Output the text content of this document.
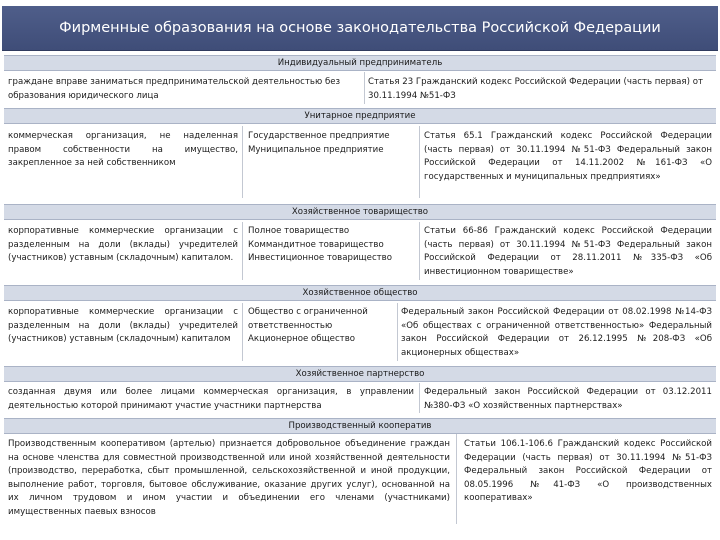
Фирменные образования на основе законодательства Российской Федерации
Индивидуальный предприниматель
граждане вправе заниматься предпринимательской деятельностью без образования юридического лица
Статья 23 Гражданский кодекс Российской Федерации (часть первая) от 30.11.1994 №51-ФЗ
Унитарное предприятие
коммерческая организация, не наделенная правом собственности на имущество, закрепленное за ней собственником
Государственное предприятие Муниципальное предприятие
Статья 65.1 Гражданский кодекс Российской Федерации (часть первая) от 30.11.1994 №51-ФЗ Федеральный закон Российской Федерации от 14.11.2002 №161-ФЗ «О государственных и муниципальных предприятиях»
Хозяйственное товарищество
корпоративные коммерческие организации с разделенным на доли (вклады) учредителей (участников) уставным (складочным) капиталом.
Полное товарищество Коммандитное товарищество Инвестиционное товарищество
Статьи 66-86 Гражданский кодекс Российской Федерации (часть первая) от 30.11.1994 №51-ФЗ Федеральный закон Российской Федерации от 28.11.2011 №335-ФЗ «Об инвестиционном товариществе»
Хозяйственное общество
корпоративные коммерческие организации с разделенным на доли (вклады) учредителей (участников) уставным (складочным) капиталом
Общество с ограниченной ответственностью Акционерное общество
Федеральный закон Российской Федерации от 08.02.1998 №14-ФЗ «Об обществах с ограниченной ответственностью» Федеральный закон Российской Федерации от 26.12.1995 №208-ФЗ «Об акционерных обществах»
Хозяйственное партнерство
созданная двумя или более лицами коммерческая организация, в управлении деятельностью которой принимают участие участники партнерства
Федеральный закон Российской Федерации от 03.12.2011 №380-ФЗ «О хозяйственных партнерствах»
Производственный кооператив
Производственным кооперативом (артелью) признается добровольное объединение граждан на основе членства для совместной производственной или иной хозяйственной деятельности (производство, переработка, сбыт промышленной, сельскохозяйственной и иной продукции, выполнение работ, торговля, бытовое обслуживание, оказание других услуг), основанной на их личном трудовом и ином участии и объединении его членами (участниками) имущественных паевых взносов
Статьи 106.1-106.6 Гражданский кодекс Российской Федерации (часть первая) от 30.11.1994 №51-ФЗ Федеральный закон Российской Федерации от 08.05.1996 №41-ФЗ «О производственных кооперативах»
